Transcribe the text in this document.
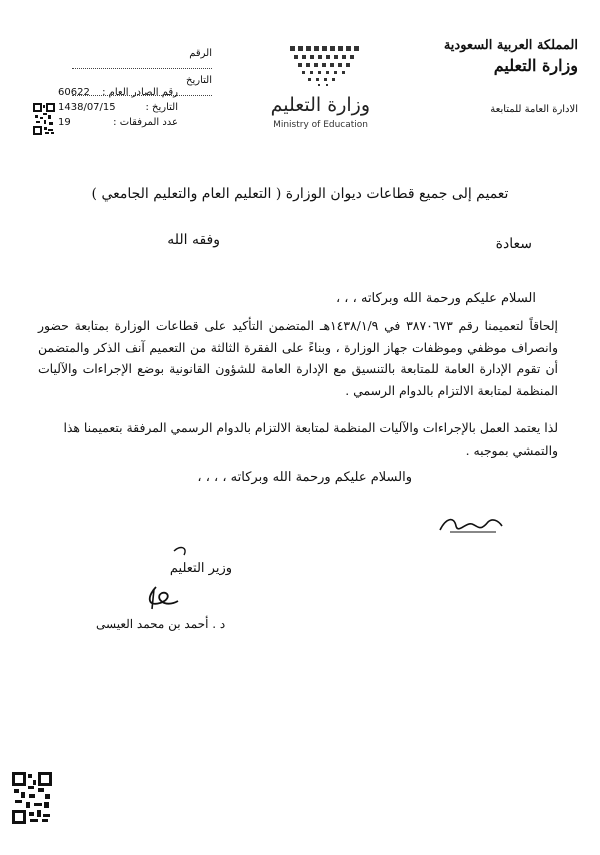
المملكة العربية السعودية
وزارة التعليم
الادارة العامة للمتابعة
وزارة التعليم
Ministry of Education
الرقم
التاريخ
رقم الصادر العام :
60622
التاريخ :
1438/07/15
عدد المرفقات :
19
تعميم إلى جميع قطاعات ديوان الوزارة ( التعليم العام والتعليم الجامعي )
سعادة
وفقه الله
السلام عليكم ورحمة الله وبركاته ، ، ،
إلحاقاً لتعميمنا رقم ٣٨٧٠٦٧٣ في ١٤٣٨/١/٩هـ المتضمن التأكيد على قطاعات الوزارة بمتابعة حضور وانصراف موظفي وموظفات جهاز الوزارة ، وبناءً على الفقرة الثالثة من التعميم آنف الذكر والمتضمن أن تقوم الإدارة العامة للمتابعة بالتنسيق مع الإدارة العامة للشؤون القانونية بوضع الإجراءات والآليات المنظمة لمتابعة الالتزام بالدوام الرسمي .
لذا يعتمد العمل بالإجراءات والآليات المنظمة لمتابعة الالتزام بالدوام الرسمي المرفقة بتعميمنا هذا والتمشي بموجبه .
والسلام عليكم ورحمة الله وبركاته ، ، ، ،
وزير التعليم
د . أحمد بن محمد العيسى
